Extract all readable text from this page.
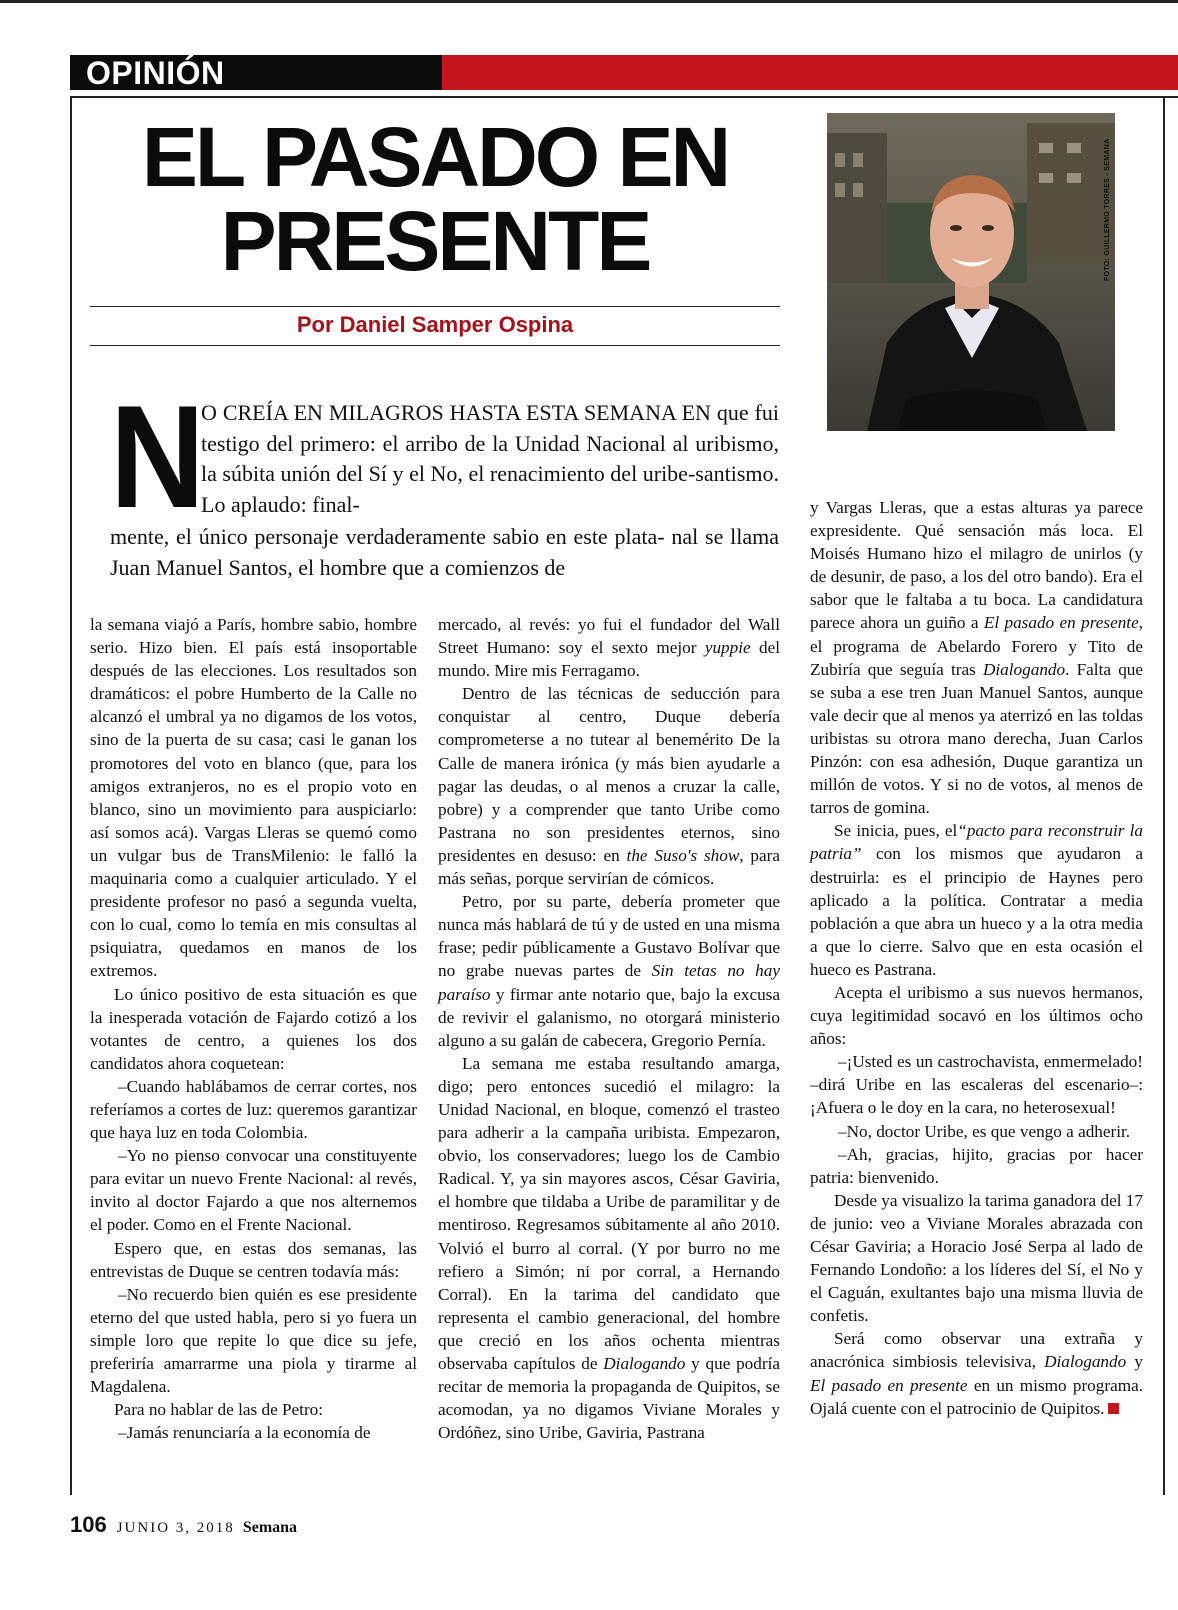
OPINIÓN
EL PASADO EN
PRESENTE
Por Daniel Samper Ospina
FOTO: GUILLERMO TORRES - SEMANA
N

O CREÍA EN MILAGROS HASTA ESTA SEMANA EN que fui testigo del primero: el arribo de la Unidad Nacional al uribismo, la súbita unión del Sí y el No, el renacimiento del uribe-santismo. Lo aplaudo: final-

mente, el único personaje verdaderamente sabio en este plata- nal se llama Juan Manuel Santos, el hombre que a comienzos de

la semana viajó a París, hombre sabio, hombre serio. Hizo bien. El país está insoportable después de las elecciones. Los resultados son dramáticos: el pobre Humberto de la Calle no alcanzó el umbral ya no digamos de los votos, sino de la puerta de su casa; casi le ganan los promotores del voto en blanco (que, para los amigos extranjeros, no es el propio voto en blanco, sino un movimiento para auspiciarlo: así somos acá). Vargas Lleras se quemó como un vulgar bus de TransMilenio: le falló la maquinaria como a cualquier articulado. Y el presidente profesor no pasó a segunda vuelta, con lo cual, como lo temía en mis consultas al psiquiatra, quedamos en manos de los extremos.

Lo único positivo de esta situación es que la inesperada votación de Fajardo cotizó a los votantes de centro, a quienes los dos candidatos ahora coquetean:

–Cuando hablábamos de cerrar cortes, nos referíamos a cortes de luz: queremos garantizar que haya luz en toda Colombia.

–Yo no pienso convocar una constituyente para evitar un nuevo Frente Nacional: al revés, invito al doctor Fajardo a que nos alternemos el poder. Como en el Frente Nacional.

Espero que, en estas dos semanas, las entrevistas de Duque se centren todavía más:

–No recuerdo bien quién es ese presidente eterno del que usted habla, pero si yo fuera un simple loro que repite lo que dice su jefe, preferiría amarrarme una piola y tirarme al Magdalena.

Para no hablar de las de Petro:

–Jamás renunciaría a la economía de

mercado, al revés: yo fui el fundador del Wall Street Humano: soy el sexto mejor yuppie del mundo. Mire mis Ferragamo.

Dentro de las técnicas de seducción para conquistar al centro, Duque debería comprometerse a no tutear al benemérito De la Calle de manera irónica (y más bien ayudarle a pagar las deudas, o al menos a cruzar la calle, pobre) y a comprender que tanto Uribe como Pastrana no son presidentes eternos, sino presidentes en desuso: en the Suso's show, para más señas, porque servirían de cómicos.

Petro, por su parte, debería prometer que nunca más hablará de tú y de usted en una misma frase; pedir públicamente a Gustavo Bolívar que no grabe nuevas partes de Sin tetas no hay paraíso y firmar ante notario que, bajo la excusa de revivir el galanismo, no otorgará ministerio alguno a su galán de cabecera, Gregorio Pernía.

La semana me estaba resultando amarga, digo; pero entonces sucedió el milagro: la Unidad Nacional, en bloque, comenzó el trasteo para adherir a la campaña uribista. Empezaron, obvio, los conservadores; luego los de Cambio Radical. Y, ya sin mayores ascos, César Gaviria, el hombre que tildaba a Uribe de paramilitar y de mentiroso. Regresamos súbitamente al año 2010. Volvió el burro al corral. (Y por burro no me refiero a Simón; ni por corral, a Hernando Corral). En la tarima del candidato que representa el cambio generacional, del hombre que creció en los años ochenta mientras observaba capítulos de Dialogando y que podría recitar de memoria la propaganda de Quipitos, se acomodan, ya no digamos Viviane Morales y Ordóñez, sino Uribe, Gaviria, Pastrana

y Vargas Lleras, que a estas alturas ya parece expresidente. Qué sensación más loca. El Moisés Humano hizo el milagro de unirlos (y de desunir, de paso, a los del otro bando). Era el sabor que le faltaba a tu boca. La candidatura parece ahora un guiño a El pasado en presente, el programa de Abelardo Forero y Tito de Zubiría que seguía tras Dialogando. Falta que se suba a ese tren Juan Manuel Santos, aunque vale decir que al menos ya aterrizó en las toldas uribistas su otrora mano derecha, Juan Carlos Pinzón: con esa adhesión, Duque garantiza un millón de votos. Y si no de votos, al menos de tarros de gomina.

Se inicia, pues, el“pacto para reconstruir la patria” con los mismos que ayudaron a destruirla: es el principio de Haynes pero aplicado a la política. Contratar a media población a que abra un hueco y a la otra media a que lo cierre. Salvo que en esta ocasión el hueco es Pastrana.

Acepta el uribismo a sus nuevos hermanos, cuya legitimidad socavó en los últimos ocho años:

–¡Usted es un castrochavista, enmermelado! –dirá Uribe en las escaleras del escenario–: ¡Afuera o le doy en la cara, no heterosexual!

–No, doctor Uribe, es que vengo a adherir.

–Ah, gracias, hijito, gracias por hacer patria: bienvenido.

Desde ya visualizo la tarima ganadora del 17 de junio: veo a Viviane Morales abrazada con César Gaviria; a Horacio José Serpa al lado de Fernando Londoño: a los líderes del Sí, el No y el Caguán, exultantes bajo una misma lluvia de confetis.

Será como observar una extraña y anacrónica simbiosis televisiva, Dialogando y El pasado en presente en un mismo programa. Ojalá cuente con el patrocinio de Quipitos.

106 JUNIO 3, 2018 Semana
